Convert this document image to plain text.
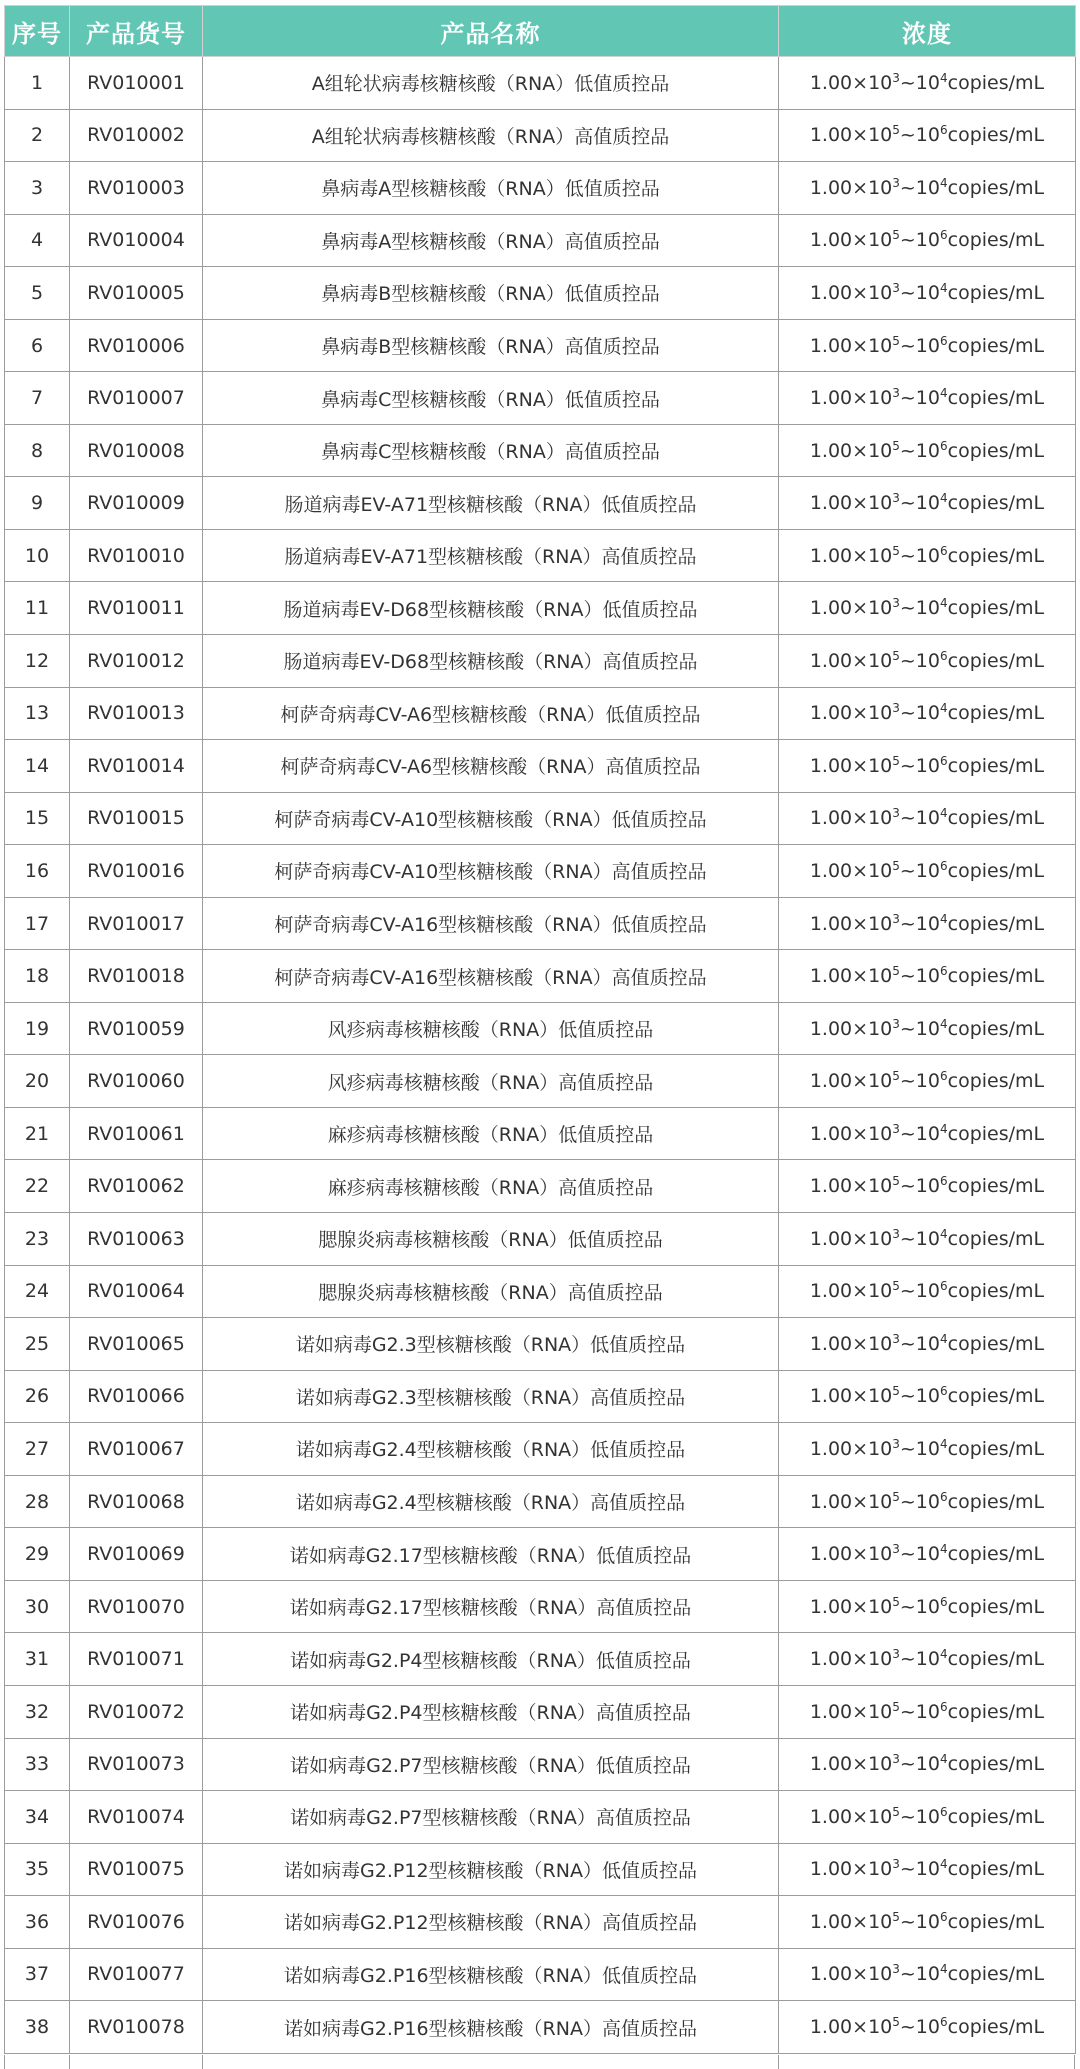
序号	产品货号	产品名称	浓度
1	RV010001	A组轮状病毒核糖核酸（RNA）低值质控品	$1.00\times 10^3\sim 10^4copies/mL$
2	RV010002	A组轮状病毒核糖核酸（RNA）高值质控品	$1.00\times 10^5\sim 10^6copies/mL$
3	RV010003	鼻病毒A型核糖核酸（RNA）低值质控品	$1.00\times 10^3\sim 10^4copies/mL$
4	RV010004	鼻病毒A型核糖核酸（RNA）高值质控品	$1.00\times 10^5\sim 10^6copies/mL$
5	RV010005	鼻病毒B型核糖核酸（RNA）低值质控品	$1.00\times 10^3\sim 10^4copies/mL$
6	RV010006	鼻病毒B型核糖核酸（RNA）高值质控品	$1.00\times 10^5\sim 10^6copies/mL$
7	RV010007	鼻病毒C型核糖核酸（RNA）低值质控品	$1.00\times 10^3\sim 10^4copies/mL$
8	RV010008	鼻病毒C型核糖核酸（RNA）高值质控品	$1.00\times 10^5\sim 10^6copies/mL$
9	RV010009	肠道病毒EV-A71型核糖核酸（RNA）低值质控品	$1.00\times 10^3\sim 10^4copies/mL$
10	RV010010	肠道病毒EV-A71型核糖核酸（RNA）高值质控品	$1.00\times 10^5\sim 10^6copies/mL$
11	RV010011	肠道病毒EV-D68型核糖核酸（RNA）低值质控品	$1.00\times 10^3\sim 10^4copies/mL$
12	RV010012	肠道病毒EV-D68型核糖核酸（RNA）高值质控品	$1.00\times 10^5\sim 10^6copies/mL$
13	RV010013	柯萨奇病毒CV-A6型核糖核酸（RNA）低值质控品	$1.00\times 10^3\sim 10^4copies/mL$
14	RV010014	柯萨奇病毒CV-A6型核糖核酸（RNA）高值质控品	$1.00\times 10^5\sim 10^6copies/mL$
15	RV010015	柯萨奇病毒CV-A10型核糖核酸（RNA）低值质控品	$1.00\times 10^3\sim 10^4copies/mL$
16	RV010016	柯萨奇病毒CV-A10型核糖核酸（RNA）高值质控品	$1.00\times 10^5\sim 10^6copies/mL$
17	RV010017	柯萨奇病毒CV-A16型核糖核酸（RNA）低值质控品	$1.00\times 10^3\sim 10^4copies/mL$
18	RV010018	柯萨奇病毒CV-A16型核糖核酸（RNA）高值质控品	$1.00\times 10^5\sim 10^6copies/mL$
19	RV010059	风疹病毒核糖核酸（RNA）低值质控品	$1.00\times 10^3\sim 10^4copies/mL$
20	RV010060	风疹病毒核糖核酸（RNA）高值质控品	$1.00\times 10^5\sim 10^6copies/mL$
21	RV010061	麻疹病毒核糖核酸（RNA）低值质控品	$1.00\times 10^3\sim 10^4copies/mL$
22	RV010062	麻疹病毒核糖核酸（RNA）高值质控品	$1.00\times 10^5\sim 10^6copies/mL$
23	RV010063	腮腺炎病毒核糖核酸（RNA）低值质控品	$1.00\times 10^3\sim 10^4copies/mL$
24	RV010064	腮腺炎病毒核糖核酸（RNA）高值质控品	$1.00\times 10^5\sim 10^6copies/mL$
25	RV010065	诺如病毒G2.3型核糖核酸（RNA）低值质控品	$1.00\times 10^3\sim 10^4copies/mL$
26	RV010066	诺如病毒G2.3型核糖核酸（RNA）高值质控品	$1.00\times 10^5\sim 10^6copies/mL$
27	RV010067	诺如病毒G2.4型核糖核酸（RNA）低值质控品	$1.00\times 10^3\sim 10^4copies/mL$
28	RV010068	诺如病毒G2.4型核糖核酸（RNA）高值质控品	$1.00\times 10^5\sim 10^6copies/mL$
29	RV010069	诺如病毒G2.17型核糖核酸（RNA）低值质控品	$1.00\times 10^3\sim 10^4copies/mL$
30	RV010070	诺如病毒G2.17型核糖核酸（RNA）高值质控品	$1.00\times 10^5\sim 10^6copies/mL$
31	RV010071	诺如病毒G2.P4型核糖核酸（RNA）低值质控品	$1.00\times 10^3\sim 10^4copies/mL$
32	RV010072	诺如病毒G2.P4型核糖核酸（RNA）高值质控品	$1.00\times 10^5\sim 10^6copies/mL$
33	RV010073	诺如病毒G2.P7型核糖核酸（RNA）低值质控品	$1.00\times 10^3\sim 10^4copies/mL$
34	RV010074	诺如病毒G2.P7型核糖核酸（RNA）高值质控品	$1.00\times 10^5\sim 10^6copies/mL$
35	RV010075	诺如病毒G2.P12型核糖核酸（RNA）低值质控品	$1.00\times 10^3\sim 10^4copies/mL$
36	RV010076	诺如病毒G2.P12型核糖核酸（RNA）高值质控品	$1.00\times 10^5\sim 10^6copies/mL$
37	RV010077	诺如病毒G2.P16型核糖核酸（RNA）低值质控品	$1.00\times 10^3\sim 10^4copies/mL$
38	RV010078	诺如病毒G2.P16型核糖核酸（RNA）高值质控品	$1.00\times 10^5\sim 10^6copies/mL$
